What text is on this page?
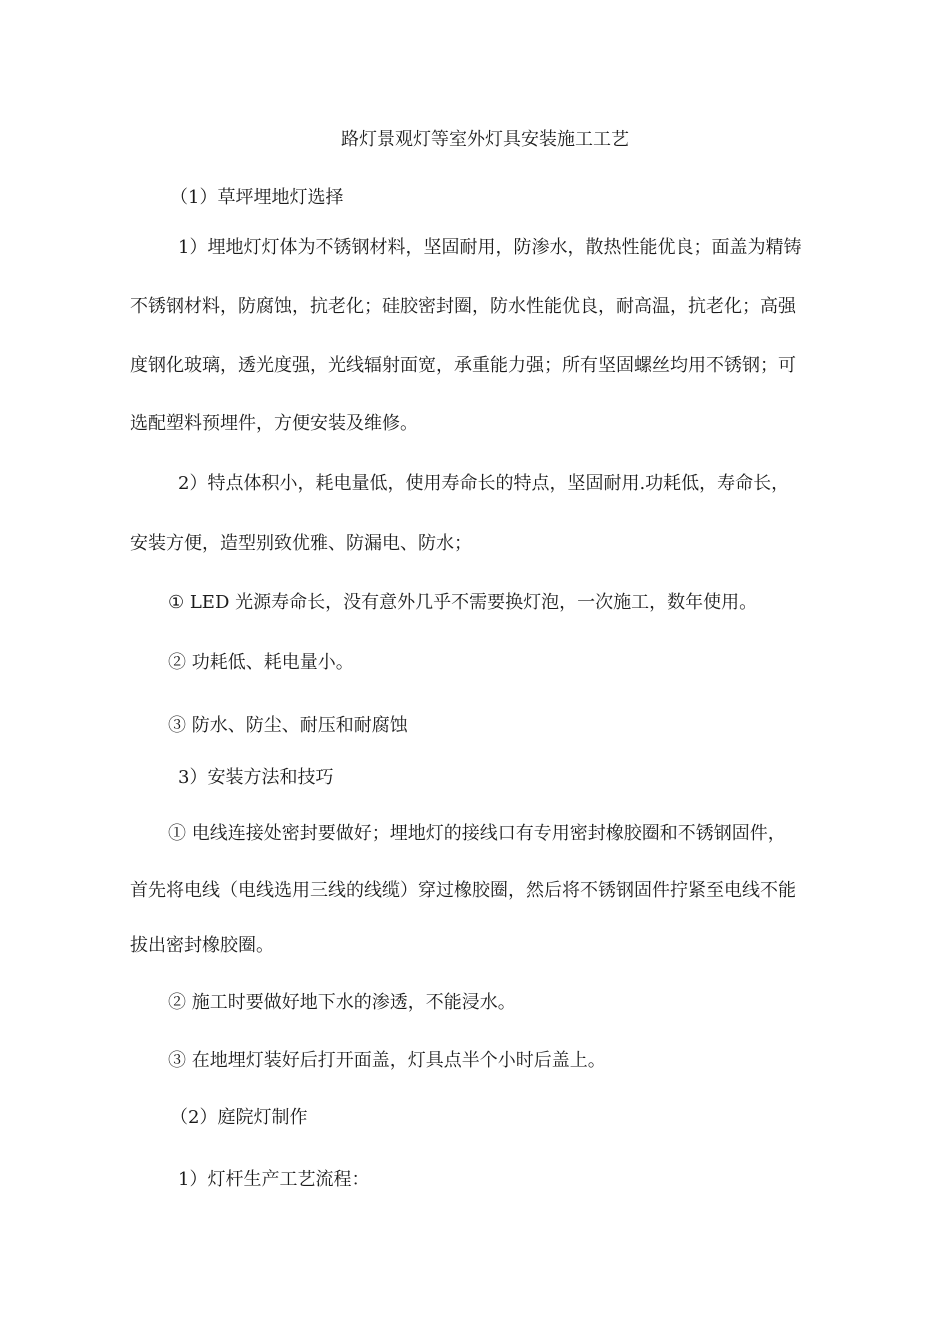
路灯景观灯等室外灯具安装施工工艺
（1）草坪埋地灯选择
1）埋地灯灯体为不锈钢材料，坚固耐用，防渗水，散热性能优良；面盖为精铸
不锈钢材料，防腐蚀，抗老化；硅胶密封圈，防水性能优良，耐高温，抗老化；高强
度钢化玻璃，透光度强，光线辐射面宽，承重能力强；所有坚固螺丝均用不锈钢；可
选配塑料预埋件，方便安装及维修。
2）特点体积小，耗电量低，使用寿命长的特点，坚固耐用.功耗低，寿命长，
安装方便，造型别致优雅、防漏电、防水；
① LED 光源寿命长，没有意外几乎不需要换灯泡，一次施工，数年使用。
② 功耗低、耗电量小。
③ 防水、防尘、耐压和耐腐蚀
3）安装方法和技巧
① 电线连接处密封要做好；埋地灯的接线口有专用密封橡胶圈和不锈钢固件，
首先将电线（电线选用三线的线缆）穿过橡胶圈，然后将不锈钢固件拧紧至电线不能
拔出密封橡胶圈。
② 施工时要做好地下水的渗透，不能浸水。
③ 在地埋灯装好后打开面盖，灯具点半个小时后盖上。
（2）庭院灯制作
1）灯杆生产工艺流程：
